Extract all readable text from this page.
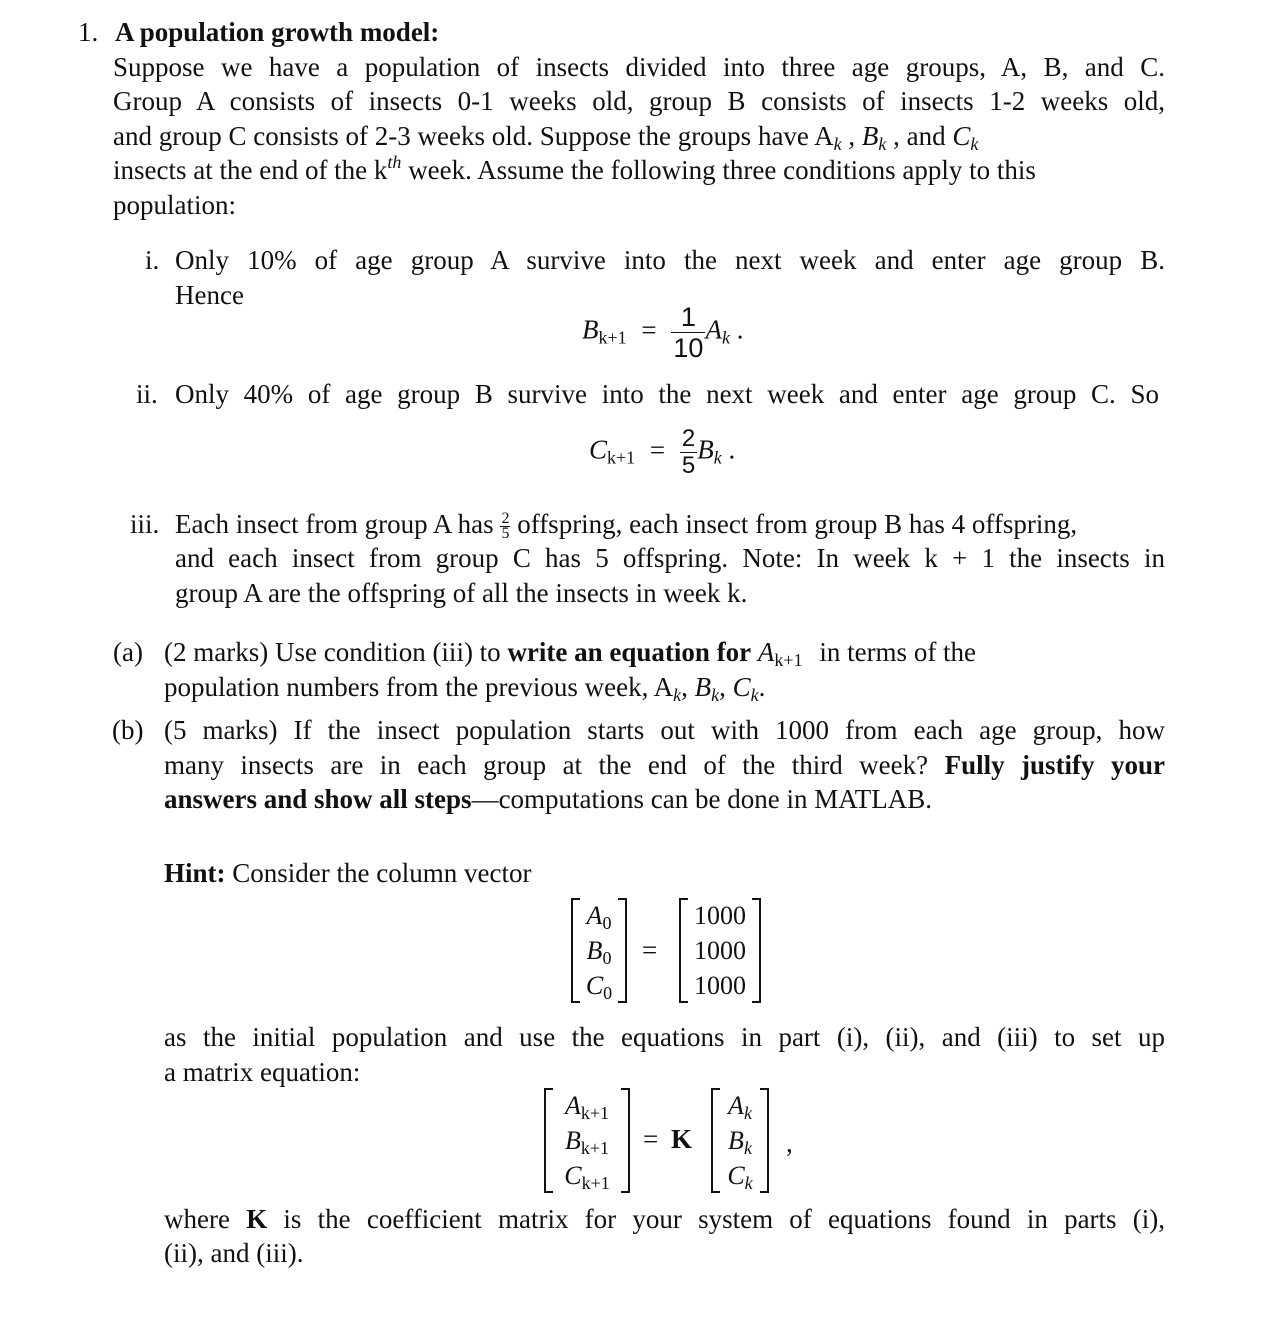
1. A population growth model:
Suppose we have a population of insects divided into three age groups, A, B, and C.
Group A consists of insects 0-1 weeks old, group B consists of insects 1-2 weeks old,
and group C consists of 2-3 weeks old. Suppose the groups have $A_k$ , $B_k$ , and $C_k$
insects at the end of the $k^{th}$ week. Assume the following three conditions apply to this
population:
i. Only 10% of age group A survive into the next week and enter age group B.
Hence
$B_{k+1} = \frac{1}{10} A_k$ .
ii. Only 40% of age group B survive into the next week and enter age group C. So
$C_{k+1} = \frac{2}{5} B_k$ .
iii. Each insect from group A has $\frac{2}{5}$ offspring, each insect from group B has 4 offspring,
and each insect from group C has 5 offspring. Note: In week k + 1 the insects in
group A are the offspring of all the insects in week k.
(a) (2 marks) Use condition (iii) to write an equation for $A_{k+1}$ in terms of the
population numbers from the previous week, $A_k$, $B_k$, $C_k$.
(b) (5 marks) If the insect population starts out with 1000 from each age group, how
many insects are in each group at the end of the third week? Fully justify your
answers and show all steps—computations can be done in MATLAB.
Hint: Consider the column vector
$A_0$
$B_0$
$C_0$
=
1000
1000
1000
as the initial population and use the equations in part (i), (ii), and (iii) to set up
a matrix equation:
$A_{k+1}$
$B_{k+1}$
$C_{k+1}$
= K
$A_k$
$B_k$
$C_k$
,
where K is the coefficient matrix for your system of equations found in parts (i),
(ii), and (iii).
